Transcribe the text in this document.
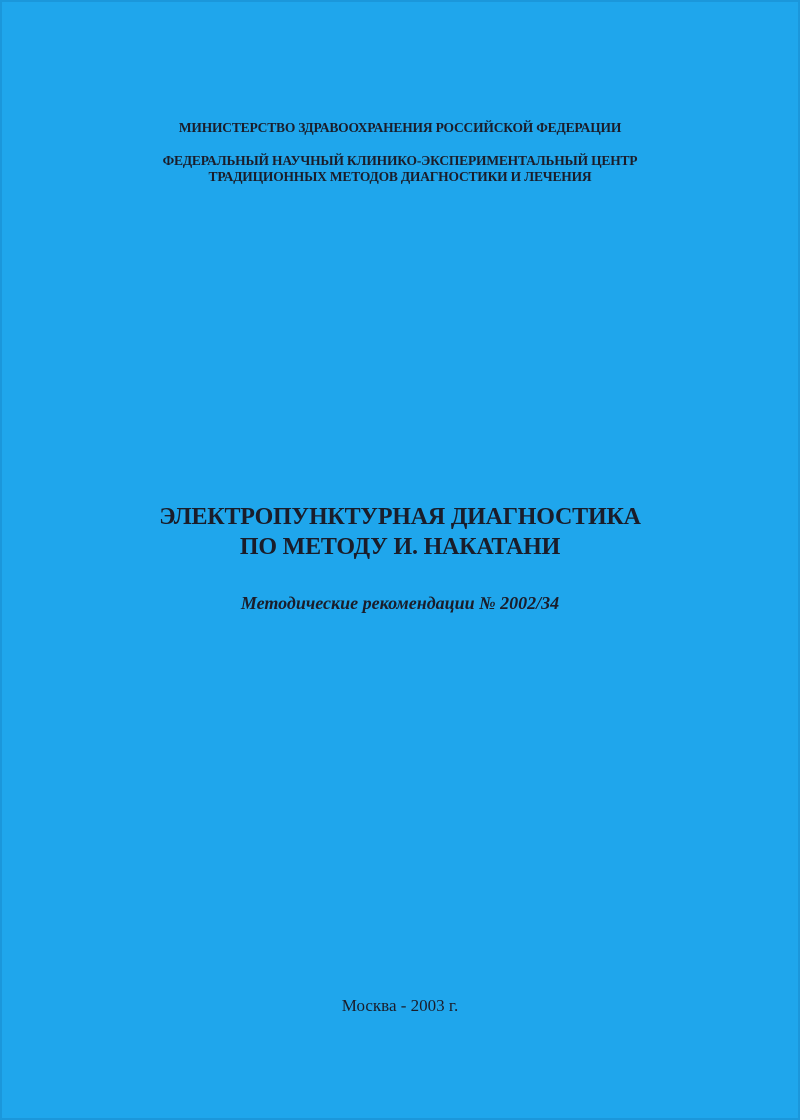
МИНИСТЕРСТВО ЗДРАВООХРАНЕНИЯ РОССИЙСКОЙ ФЕДЕРАЦИИ
ФЕДЕРАЛЬНЫЙ НАУЧНЫЙ КЛИНИКО-ЭКСПЕРИМЕНТАЛЬНЫЙ ЦЕНТР
ТРАДИЦИОННЫХ МЕТОДОВ ДИАГНОСТИКИ И ЛЕЧЕНИЯ
ЭЛЕКТРОПУНКТУРНАЯ ДИАГНОСТИКА
ПО МЕТОДУ И. НАКАТАНИ
Методические рекомендации № 2002/34
Москва - 2003 г.
